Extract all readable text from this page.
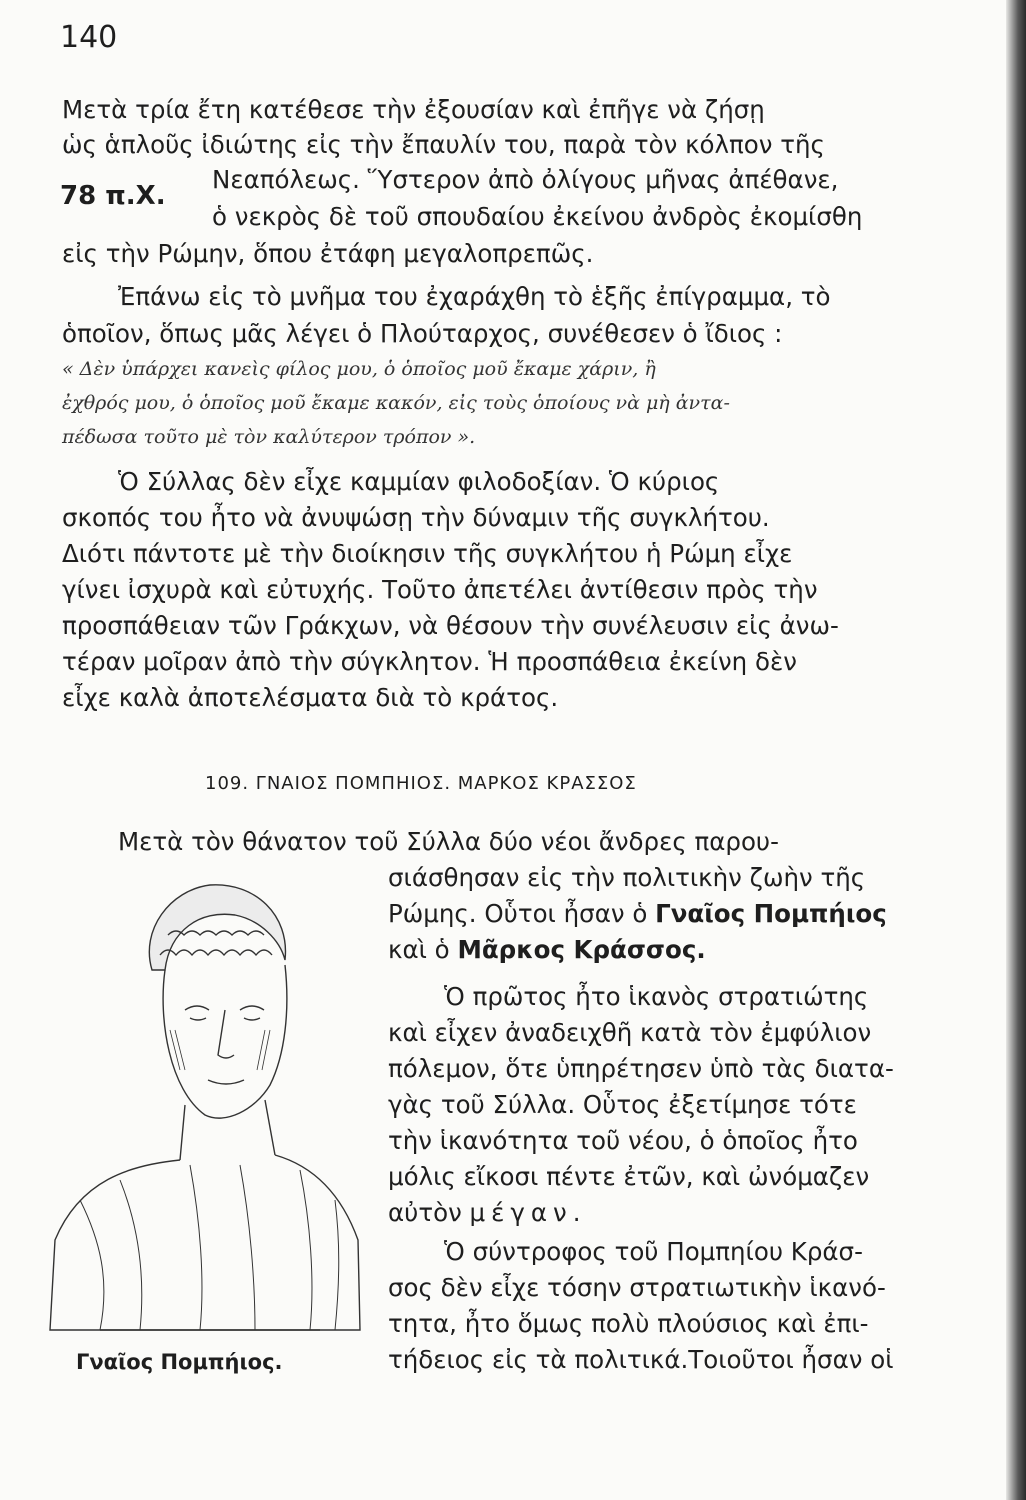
140
78 π.Χ.
Μετὰ τρία ἔτη κατέθεσε τὴν ἐξουσίαν καὶ ἐπῆγε νὰ ζήσῃ
ὡς ἁπλοῦς ἰδιώτης εἰς τὴν ἔπαυλίν του, παρὰ τὸν κόλπον τῆς
Νεαπόλεως. Ὕστερον ἀπὸ ὀλίγους μῆνας ἀπέθανε,
ὁ νεκρὸς δὲ τοῦ σπουδαίου ἐκείνου ἀνδρὸς ἐκομίσθη
εἰς τὴν Ρώμην, ὅπου ἐτάφη μεγαλοπρεπῶς.
Ἐπάνω εἰς τὸ μνῆμα του ἐχαράχθη τὸ ἑξῆς ἐπίγραμμα, τὸ
ὁποῖον, ὅπως μᾶς λέγει ὁ Πλούταρχος, συνέθεσεν ὁ ἴδιος :
« Δὲν ὑπάρχει κανεὶς φίλος μου, ὁ ὁποῖος μοῦ ἔκαμε χάριν, ἢ
ἐχθρός μου, ὁ ὁποῖος μοῦ ἔκαμε κακόν, εἰς τοὺς ὁποίους νὰ μὴ ἀντα-
πέδωσα τοῦτο μὲ τὸν καλύτερον τρόπον ».
Ὁ Σύλλας δὲν εἶχε καμμίαν φιλοδοξίαν. Ὁ κύριος
σκοπός του ἦτο νὰ ἀνυψώσῃ τὴν δύναμιν τῆς συγκλήτου.
Διότι πάντοτε μὲ τὴν διοίκησιν τῆς συγκλήτου ἡ Ρώμη εἶχε
γίνει ἰσχυρὰ καὶ εὐτυχής. Τοῦτο ἀπετέλει ἀντίθεσιν πρὸς τὴν
προσπάθειαν τῶν Γράκχων, νὰ θέσουν τὴν συνέλευσιν εἰς ἀνω-
τέραν μοῖραν ἀπὸ τὴν σύγκλητον. Ἡ προσπάθεια ἐκείνη δὲν
εἶχε καλὰ ἀποτελέσματα διὰ τὸ κράτος.
109. ΓΝΑΙΟΣ ΠΟΜΠΗΙΟΣ. ΜΑΡΚΟΣ ΚΡΑΣΣΟΣ
Μετὰ τὸν θάνατον τοῦ Σύλλα δύο νέοι ἄνδρες παρου-
σιάσθησαν εἰς τὴν πολιτικὴν ζωὴν τῆς
Ρώμης. Οὗτοι ἦσαν ὁ Γναῖος Πομπήιος
καὶ ὁ Μᾶρκος Κράσσος.
Ὁ πρῶτος ἦτο ἱκανὸς στρατιώτης
καὶ εἶχεν ἀναδειχθῆ κατὰ τὸν ἐμφύλιον
πόλεμον, ὅτε ὑπηρέτησεν ὑπὸ τὰς διατα-
γὰς τοῦ Σύλλα. Οὗτος ἐξετίμησε τότε
τὴν ἱκανότητα τοῦ νέου, ὁ ὁποῖος ἦτο
μόλις εἴκοσι πέντε ἐτῶν, καὶ ὠνόμαζεν
αὐτὸν μέγαν.
Ὁ σύντροφος τοῦ Πομπηίου Κράσ-
σος δὲν εἶχε τόσην στρατιωτικὴν ἱκανό-
τητα, ἦτο ὅμως πολὺ πλούσιος καὶ ἐπι-
τήδειος εἰς τὰ πολιτικά.Τοιοῦτοι ἦσαν οἱ
Γναῖος Πομπήιος.
